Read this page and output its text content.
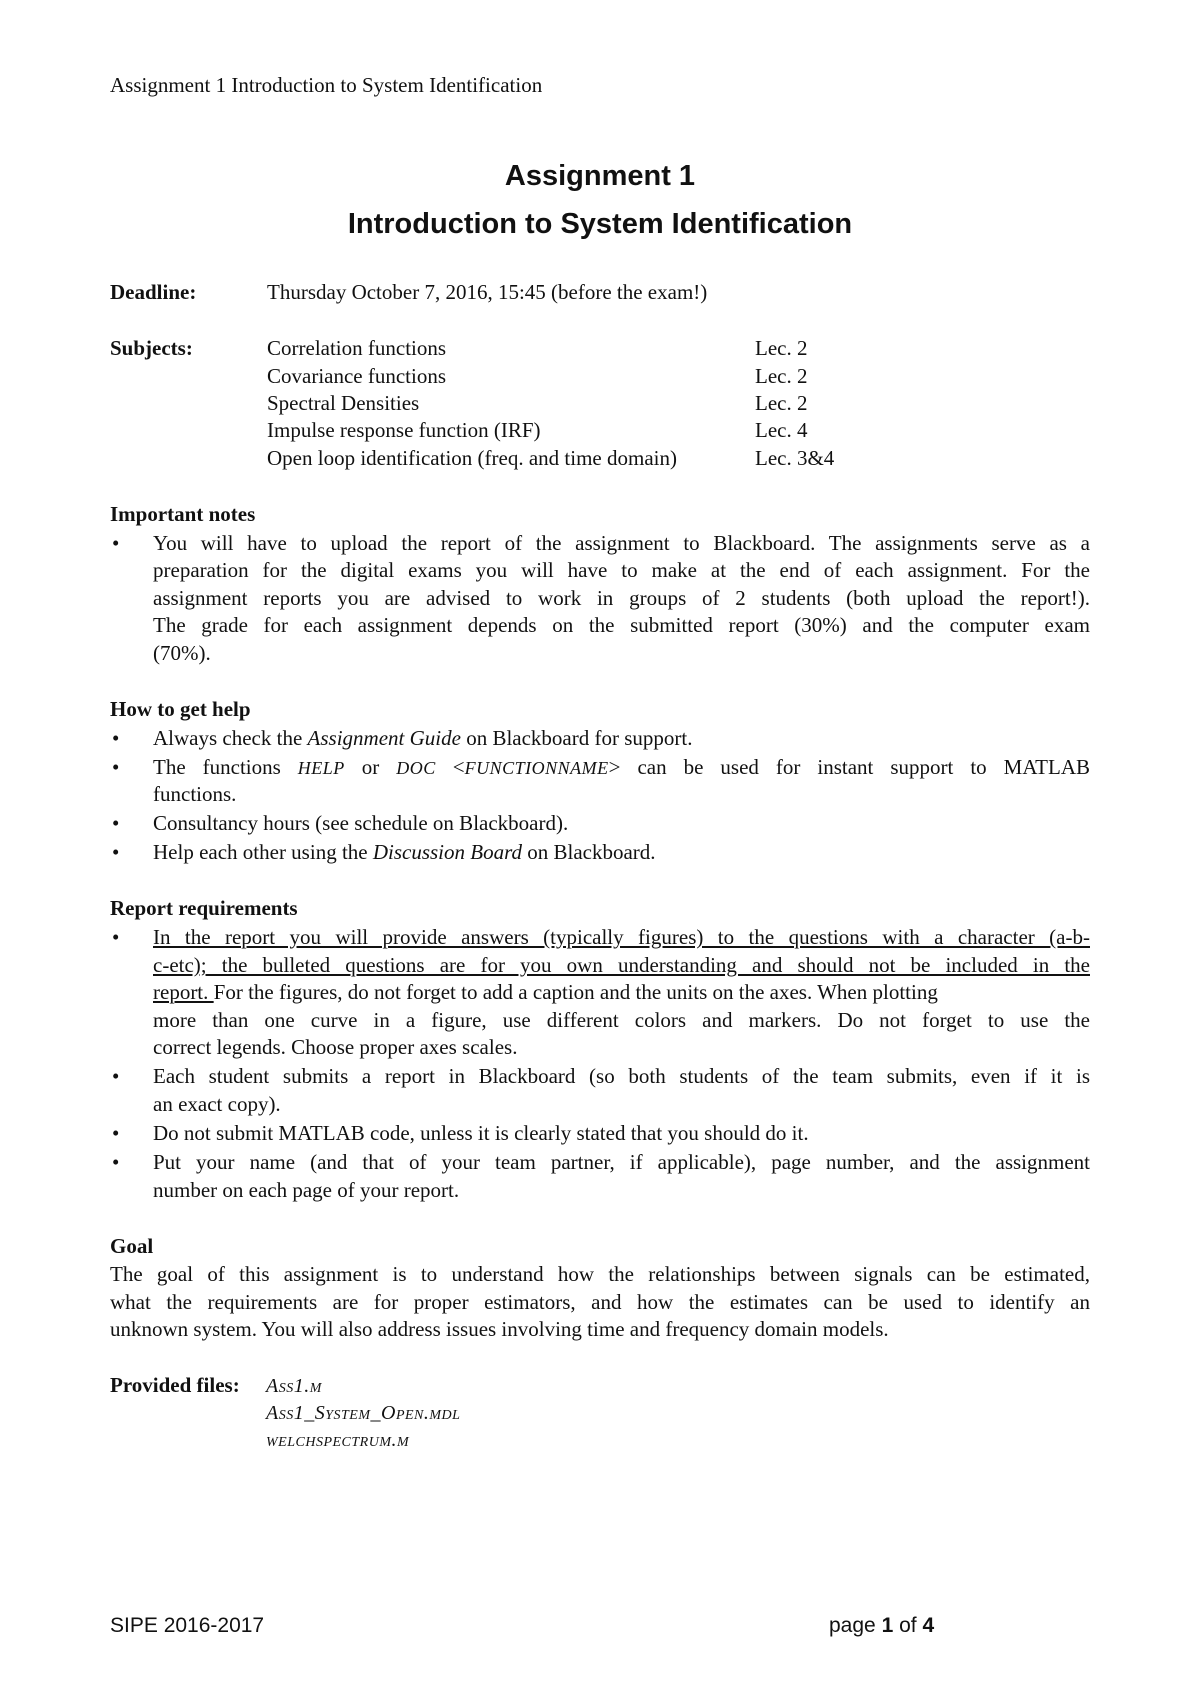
Assignment 1 Introduction to System Identification
Assignment 1
Introduction to System Identification
Deadline:	Thursday October 7, 2016, 15:45 (before the exam!)
Subjects:	Correlation functions	Lec. 2
Covariance functions	Lec. 2
Spectral Densities	Lec. 2
Impulse response function (IRF)	Lec. 4
Open loop identification (freq. and time domain)	Lec. 3&4
Important notes
• You will have to upload the report of the assignment to Blackboard. The assignments serve as a
preparation for the digital exams you will have to make at the end of each assignment. For the
assignment reports you are advised to work in groups of 2 students (both upload the report!).
The grade for each assignment depends on the submitted report (30%) and the computer exam
(70%).
How to get help
• Always check the Assignment Guide on Blackboard for support.
• The functions HELP or DOC <FUNCTIONNAME> can be used for instant support to MATLAB
functions.
• Consultancy hours (see schedule on Blackboard).
• Help each other using the Discussion Board on Blackboard.
Report requirements
• In the report you will provide answers (typically figures) to the questions with a character (a-b-
c-etc); the bulleted questions are for you own understanding and should not be included in the
report. For the figures, do not forget to add a caption and the units on the axes. When plotting
more than one curve in a figure, use different colors and markers. Do not forget to use the
correct legends. Choose proper axes scales.
• Each student submits a report in Blackboard (so both students of the team submits, even if it is
an exact copy).
• Do not submit MATLAB code, unless it is clearly stated that you should do it.
• Put your name (and that of your team partner, if applicable), page number, and the assignment
number on each page of your report.
Goal
The goal of this assignment is to understand how the relationships between signals can be estimated,
what the requirements are for proper estimators, and how the estimates can be used to identify an
unknown system. You will also address issues involving time and frequency domain models.
Provided files: Ass1.m
Ass1_System_Open.mdl
welchspectrum.m
SIPE 2016-2017	page 1 of 4
